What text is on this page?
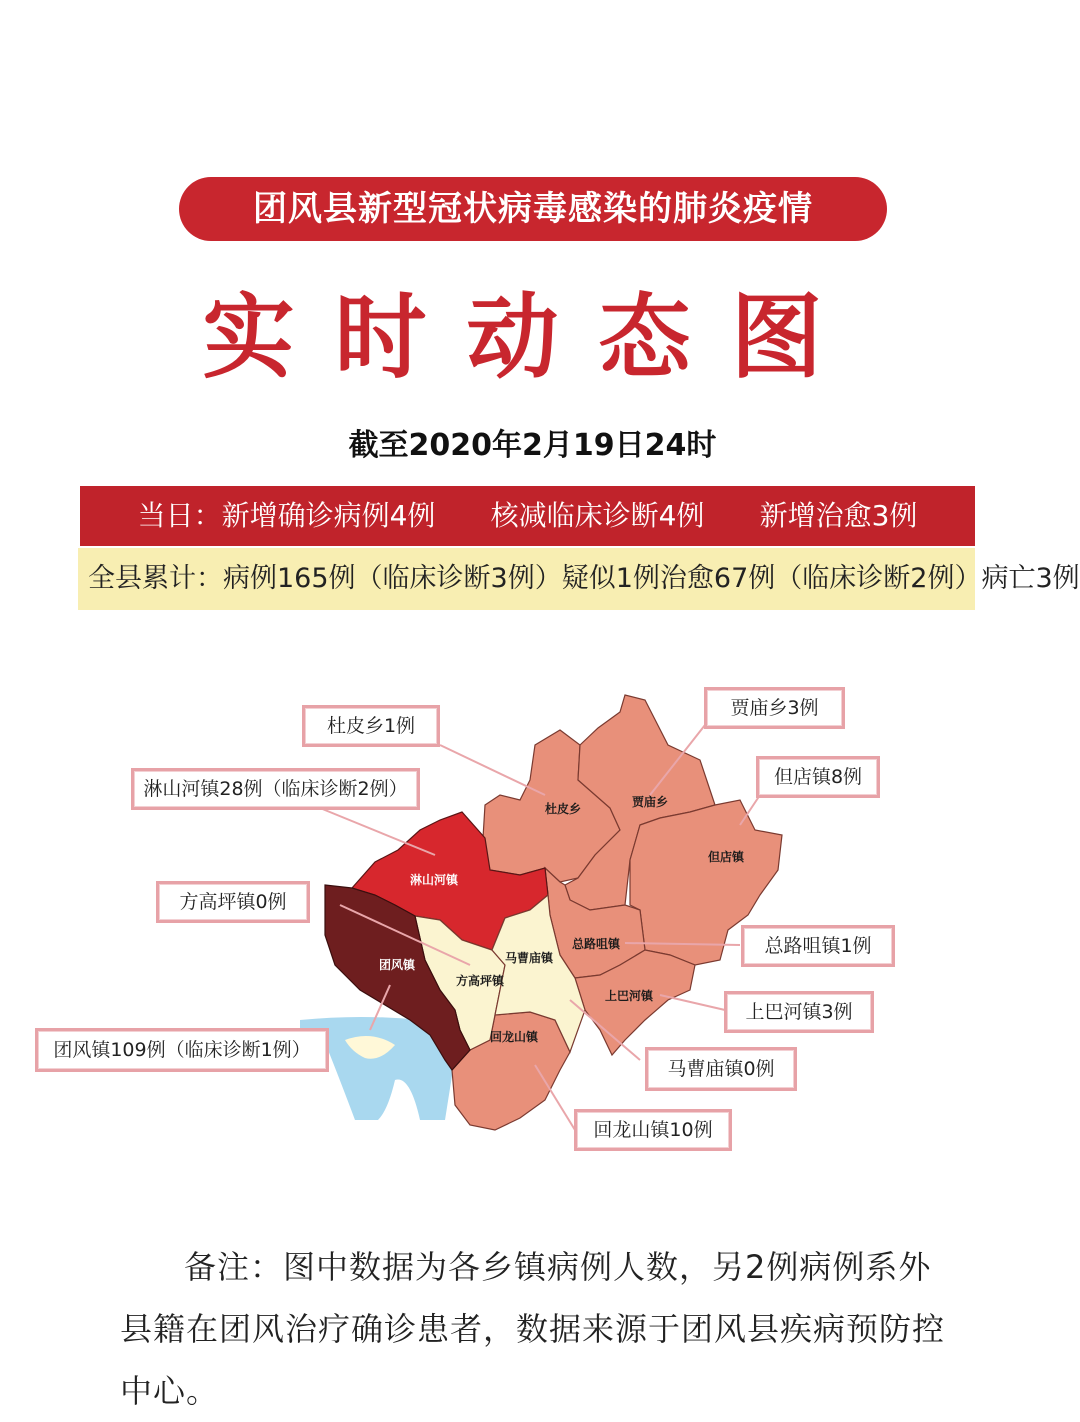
团风县新型冠状病毒感染的肺炎疫情
实时动态图
截至2020年2月19日24时
当日：新增确诊病例4例 核减临床诊断4例 新增治愈3例
全县累计：病例165例（临床诊断3例） 疑似1例 治愈67例（临床诊断2例） 病亡3例
杜皮乡	贾庙乡
但店镇
淋山河镇
总路咀镇
马曹庙镇
团风镇
方高坪镇
上巴河镇
回龙山镇
杜皮乡1例
贾庙乡3例
但店镇8例
淋山河镇28例（临床诊断2例）
方高坪镇0例
总路咀镇1例
上巴河镇3例
团风镇109例（临床诊断1例）
马曹庙镇0例
回龙山镇10例
备注：图中数据为各乡镇病例人数，另2例病例系外县籍在团风治疗确诊患者，数据来源于团风县疾病预防控中心。
